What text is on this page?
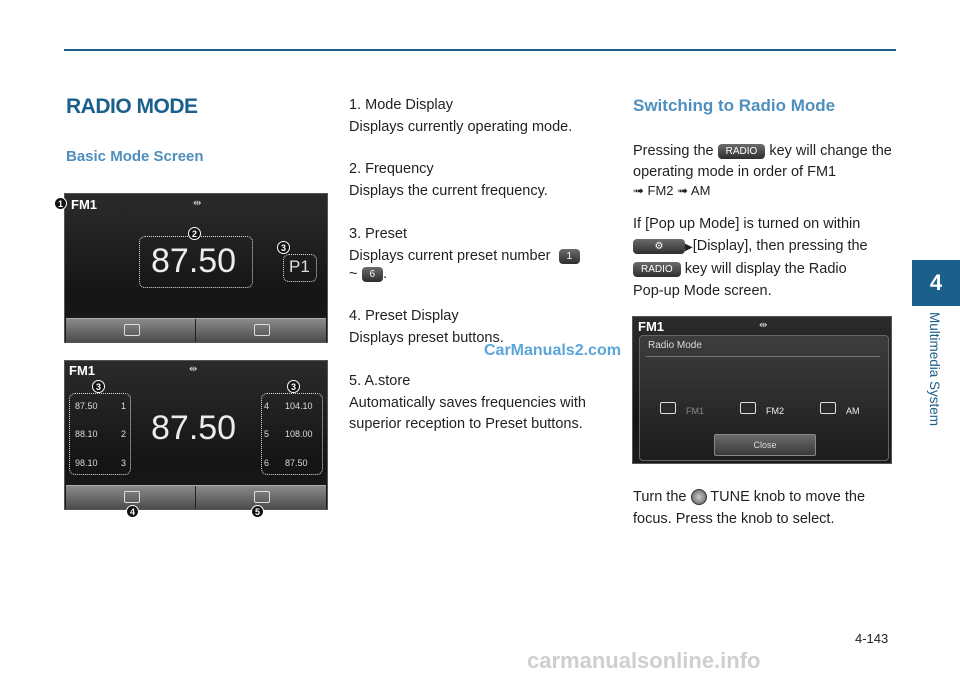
RADIO MODE
Basic Mode Screen
FM1	⇹
87.50	P1
1
2
3
FM1	⇹
87.50	1
88.10	2
98.10	3
4 104.10
5 108.00
6 87.50
87.50
3	3
4	5
1. Mode Display
Displays currently operating mode.
2. Frequency
Displays the current frequency.
3. Preset
Displays current preset number 1
~ 6 .
4. Preset Display
Displays preset buttons.
5. A.store
Automatically saves frequencies with superior reception to Preset buttons.
CarManuals2.com
Switching to Radio Mode
Pressing the RADIO key will change the operating mode in order of FM1
➟ FM2 ➟ AM
If [Pop up Mode] is turned on within
⚙ ▶[Display], then pressing the
RADIO key will display the Radio
Pop-up Mode screen.
FM1	⇹
Radio Mode
FM1	FM2	AM
Close
Turn the TUNE knob to move the
focus. Press the knob to select.
4
Multimedia System
4-143
carmanualsonline.info
